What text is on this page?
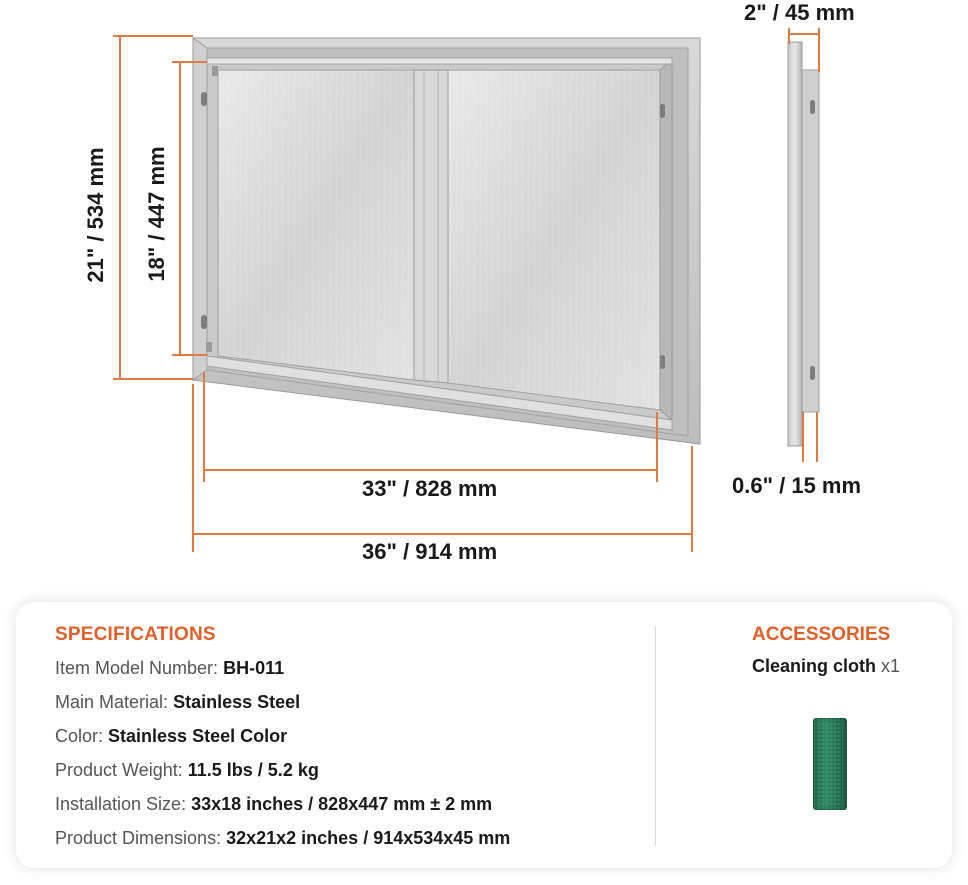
2" / 45 mm
21" / 534 mm 18" / 447 mm
33" / 828 mm
36" / 914 mm
0.6" / 15 mm
SPECIFICATIONS
Item Model Number: BH-011
Main Material: Stainless Steel
Color: Stainless Steel Color
Product Weight: 11.5 lbs / 5.2 kg
Installation Size: 33x18 inches / 828x447 mm ± 2 mm
Product Dimensions: 32x21x2 inches / 914x534x45 mm
ACCESSORIES
Cleaning cloth x1
